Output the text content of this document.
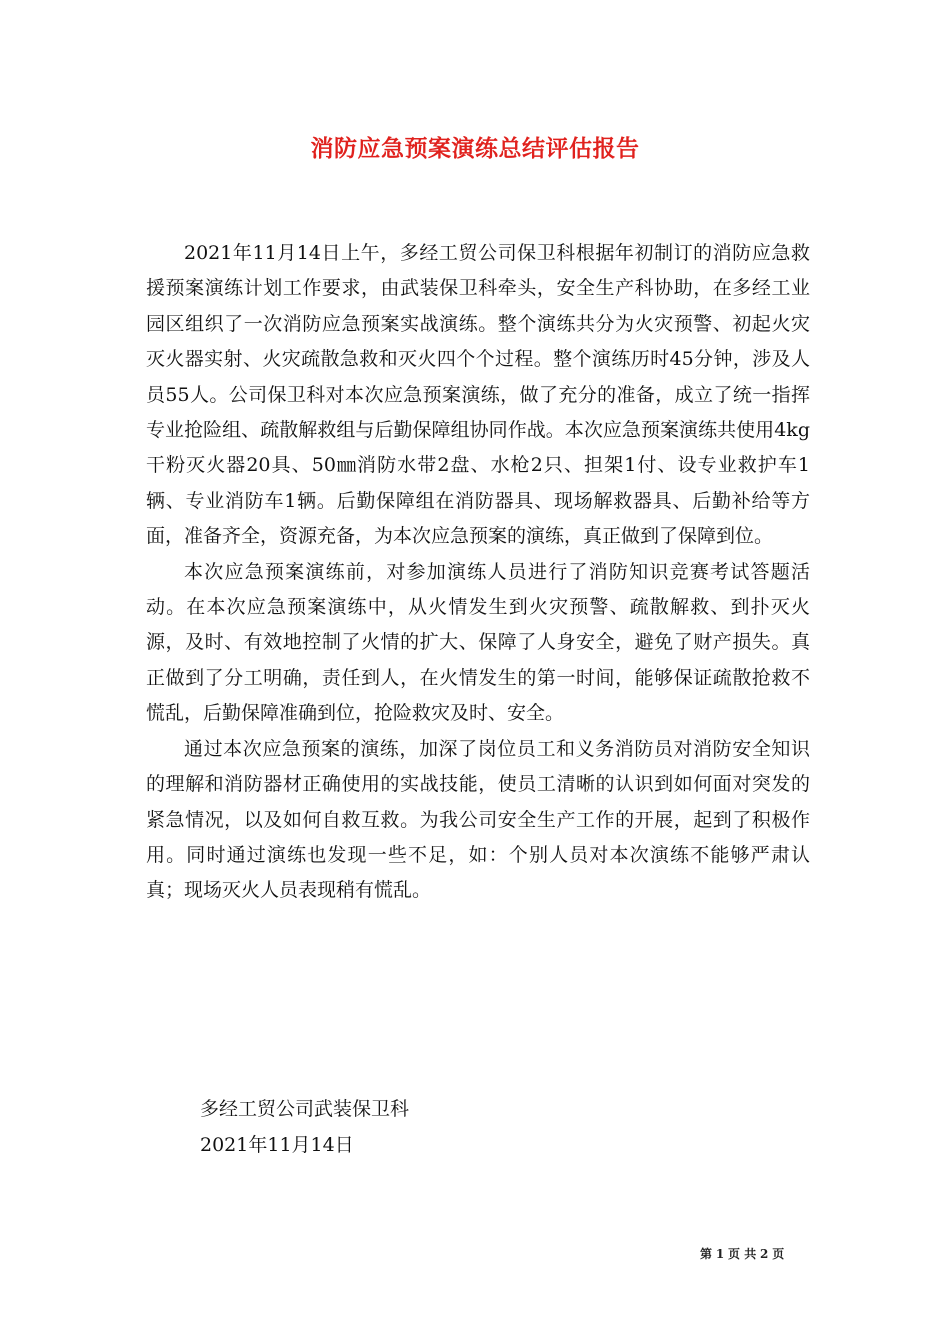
消防应急预案演练总结评估报告

2021年11月14日上午，多经工贸公司保卫科根据年初制订的消防应急救援预案演练计划工作要求，由武装保卫科牵头，安全生产科协助，在多经工业园区组织了一次消防应急预案实战演练。整个演练共分为火灾预警、初起火灾灭火器实射、火灾疏散急救和灭火四个个过程。整个演练历时45分钟，涉及人员55人。公司保卫科对本次应急预案演练，做了充分的准备，成立了统一指挥专业抢险组、疏散解救组与后勤保障组协同作战。本次应急预案演练共使用4kg干粉灭火器20具、50㎜消防水带2盘、水枪2只、担架1付、设专业救护车1辆、专业消防车1辆。后勤保障组在消防器具、现场解救器具、后勤补给等方面，准备齐全，资源充备，为本次应急预案的演练，真正做到了保障到位。

本次应急预案演练前，对参加演练人员进行了消防知识竞赛考试答题活动。在本次应急预案演练中，从火情发生到火灾预警、疏散解救、到扑灭火源，及时、有效地控制了火情的扩大、保障了人身安全，避免了财产损失。真正做到了分工明确，责任到人，在火情发生的第一时间，能够保证疏散抢救不慌乱，后勤保障准确到位，抢险救灾及时、安全。

通过本次应急预案的演练，加深了岗位员工和义务消防员对消防安全知识的理解和消防器材正确使用的实战技能，使员工清晰的认识到如何面对突发的紧急情况，以及如何自救互救。为我公司安全生产工作的开展，起到了积极作用。同时通过演练也发现一些不足，如：个别人员对本次演练不能够严肃认真；现场灭火人员表现稍有慌乱。

多经工贸公司武装保卫科
2021年11月14日
第 1 页 共 2 页
